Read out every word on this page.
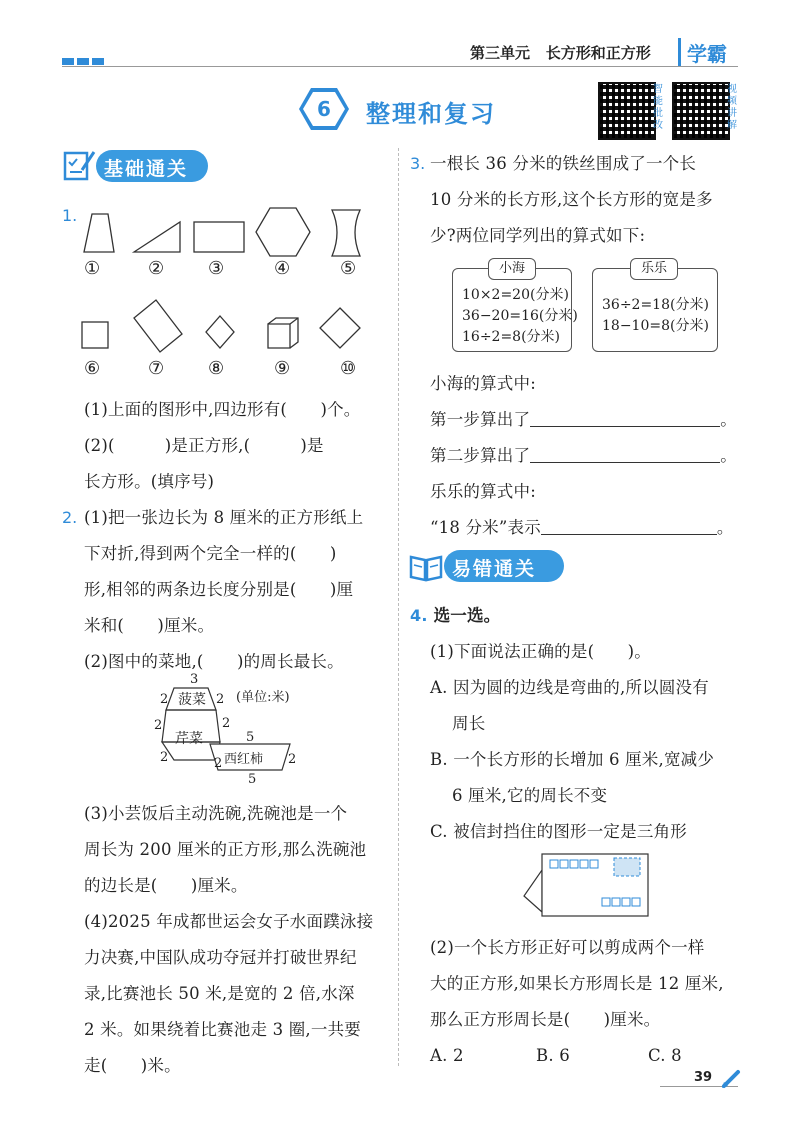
第三单元 长方形和正方形	学霸
6	整理和复习
智能批改
视频讲解
基础通关
1.
①	② ③	④	⑤
⑥	⑦ ⑧	⑨	⑩
(1)上面的图形中,四边形有(　　)个。
(2)(　　　)是正方形,(　　　)是
长方形。(填序号)
2. (1)把一张边长为 8 厘米的正方形纸上
下对折,得到两个完全一样的(　　)
形,相邻的两条边长度分别是(　　)厘
米和(　　)厘米。
(2)图中的菜地,(　　)的周长最长。
菠菜
芹菜
西红柿
(单位:米)
3
2	2
2	2
5
2	2	2
5
(3)小芸饭后主动洗碗,洗碗池是一个
周长为 200 厘米的正方形,那么洗碗池
的边长是(　　)厘米。
(4)2025 年成都世运会女子水面蹼泳接
力决赛,中国队成功夺冠并打破世界纪
录,比赛池长 50 米,是宽的 2 倍,水深
2 米。如果绕着比赛池走 3 圈,一共要
走(　　)米。
3. 一根长 36 分米的铁丝围成了一个长
10 分米的长方形,这个长方形的宽是多
少?两位同学列出的算式如下:
小海
10×2=20(分米)
36−20=16(分米)
16÷2=8(分米)
乐乐
36÷2=18(分米)
18−10=8(分米)
小海的算式中:
第一步算出了	。
第二步算出了	。
乐乐的算式中:
“18 分米”表示	。
易错通关
4. 选一选。
(1)下面说法正确的是(　　)。
A. 因为圆的边线是弯曲的,所以圆没有
周长
B. 一个长方形的长增加 6 厘米,宽减少
6 厘米,它的周长不变
C. 被信封挡住的图形一定是三角形
(2)一个长方形正好可以剪成两个一样
大的正方形,如果长方形周长是 12 厘米,
那么正方形周长是(　　)厘米。
A. 2	B. 6	C. 8
39
